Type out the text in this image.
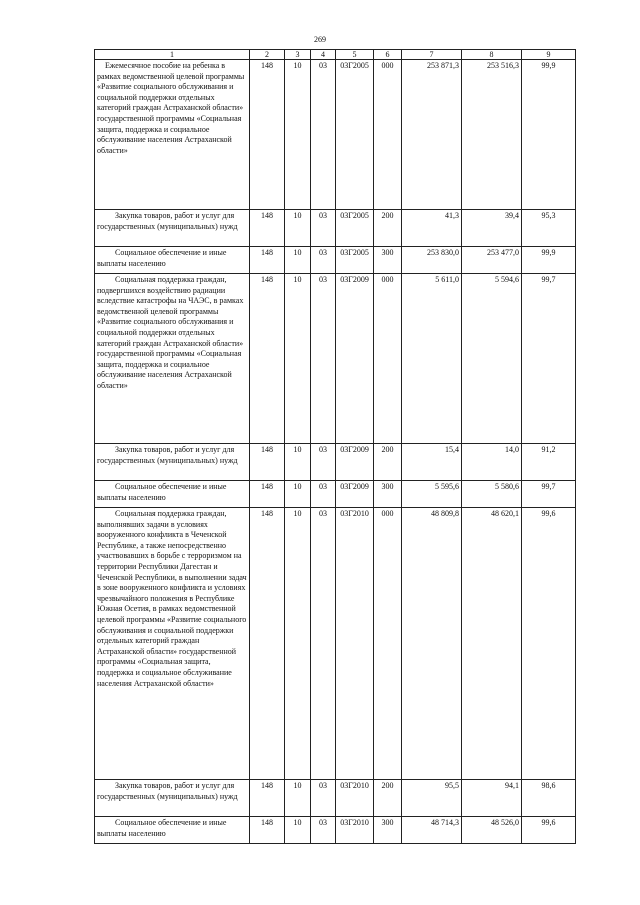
269
1	2	3	4	5	6	7	8	9

Ежемесячное пособие на ребенка в рамках ведомственной целевой программы «Развитие социального обслуживания и социальной поддержки отдельных категорий граждан Астраханской области» государственной программы «Социальная защита, поддержка и социальное обслуживание населения Астраханской области»	148	10	03	03Г2005	000	253 871,3	253 516,3	99,9

Закупка товаров, работ и услуг для государственных (муниципальных) нужд	148	10	03	03Г2005	200	41,3	39,4	95,3

Социальное обеспечение и иные выплаты населению	148	10	03	03Г2005	300	253 830,0	253 477,0	99,9

Социальная поддержка граждан, подвергшихся воздействию радиации вследствие катастрофы на ЧАЭС, в рамках ведомственной целевой программы «Развитие социального обслуживания и социальной поддержки отдельных категорий граждан Астраханской области» государственной программы «Социальная защита, поддержка и социальное обслуживание населения Астраханской области»	148	10	03	03Г2009	000	5 611,0	5 594,6	99,7

Закупка товаров, работ и услуг для государственных (муниципальных) нужд	148	10	03	03Г2009	200	15,4	14,0	91,2

Социальное обеспечение и иные выплаты населению	148	10	03	03Г2009	300	5 595,6	5 580,6	99,7

Социальная поддержка граждан, выполнявших задачи в условиях вооруженного конфликта в Чеченской Республике, а также непосредственно участвовавших в борьбе с терроризмом на территории Республики Дагестан и Чеченской Республики, в выполнении задач в зоне вооруженного конфликта и условиях чрезвычайного положения в Республике Южная Осетия, в рамках ведомственной целевой программы «Развитие социального обслуживания и социальной поддержки отдельных категорий граждан Астраханской области» государственной программы «Социальная защита, поддержка и социальное обслуживание населения Астраханской области»	148	10	03	03Г2010	000	48 809,8	48 620,1	99,6

Закупка товаров, работ и услуг для государственных (муниципальных) нужд	148	10	03	03Г2010	200	95,5	94,1	98,6

Социальное обеспечение и иные выплаты населению	148	10	03	03Г2010	300	48 714,3	48 526,0	99,6
